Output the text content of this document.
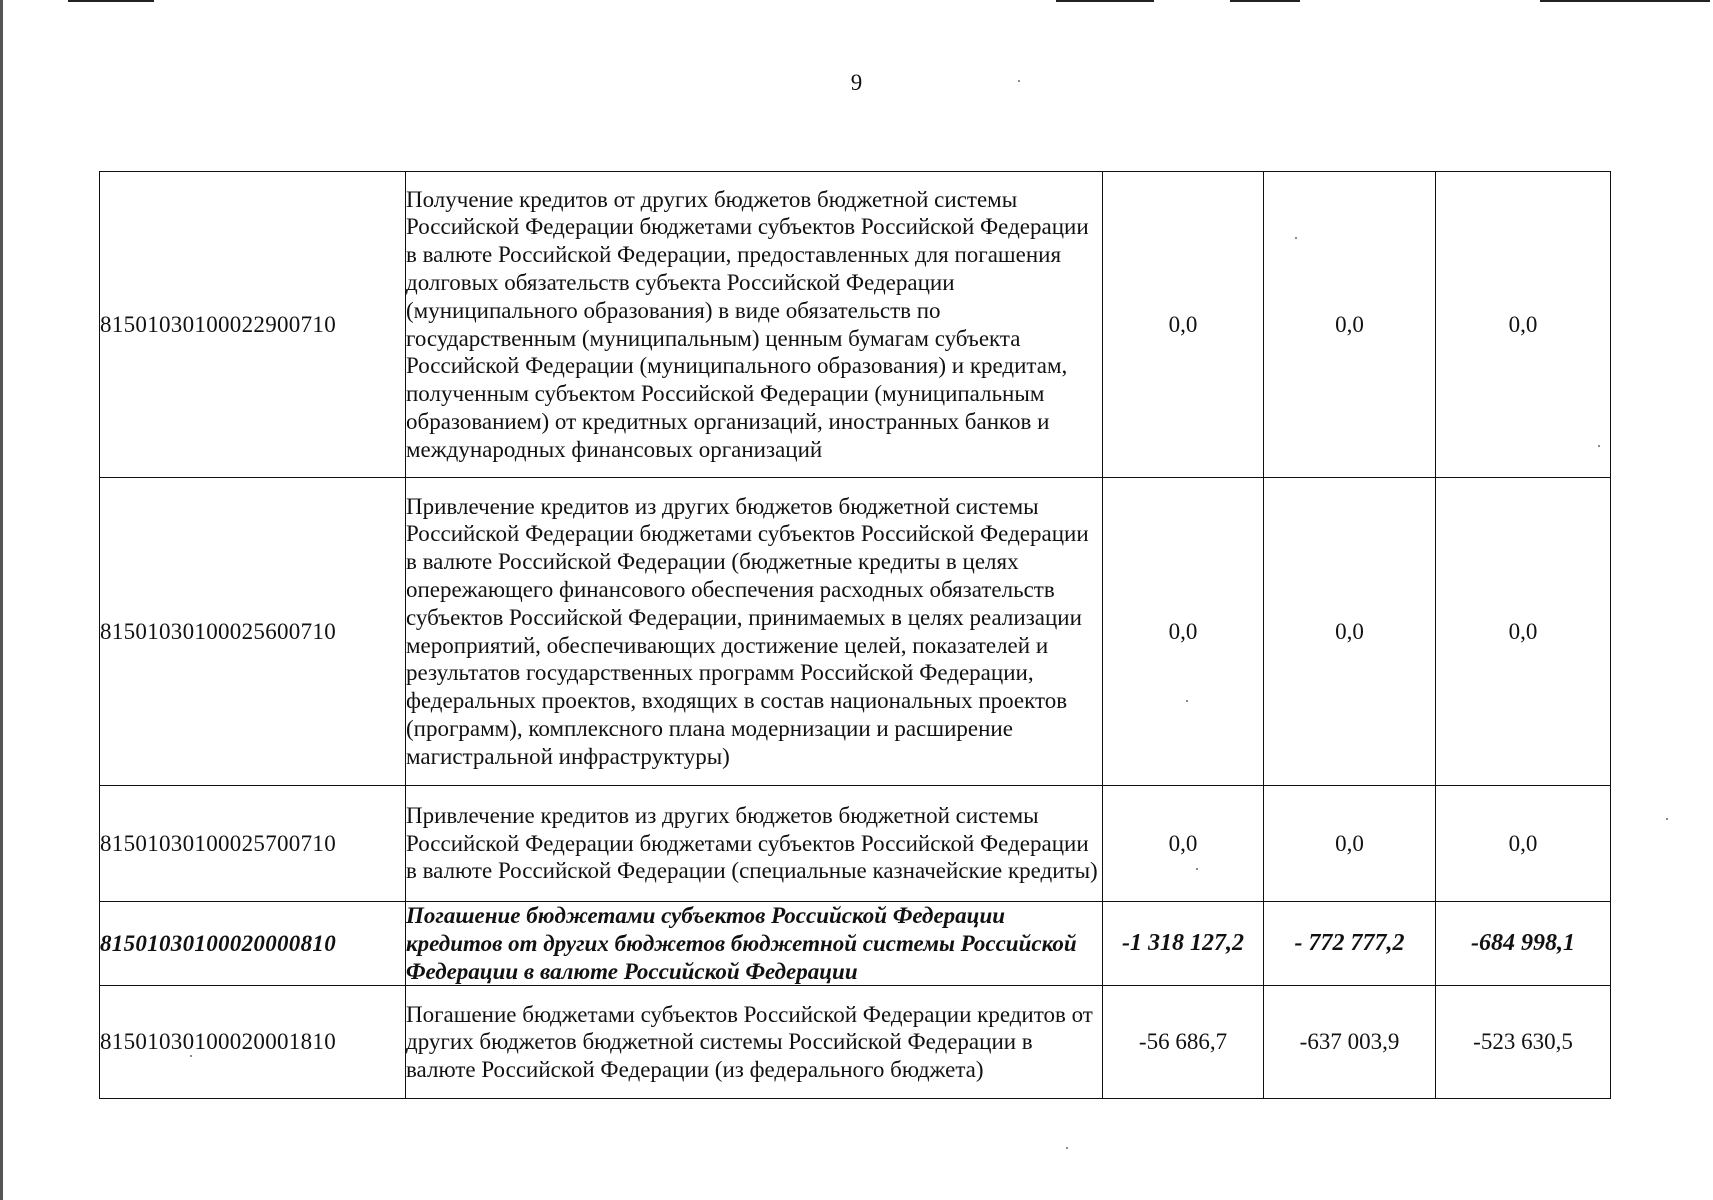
9
81501030100022900710	Получение кредитов от других бюджетов бюджетной системы Российской Федерации бюджетами субъектов Российской Федерации в валюте Российской Федерации, предоставленных для погашения долговых обязательств субъекта Российской Федерации (муниципального образования) в виде обязательств по государственным (муниципальным) ценным бумагам субъекта Российской Федерации (муниципального образования) и кредитам, полученным субъектом Российской Федерации (муниципальным образованием) от кредитных организаций, иностранных банков и международных финансовых организаций	0,0	0,0	0,0
81501030100025600710	Привлечение кредитов из других бюджетов бюджетной системы Российской Федерации бюджетами субъектов Российской Федерации в валюте Российской Федерации (бюджетные кредиты в целях опережающего финансового обеспечения расходных обязательств субъектов Российской Федерации, принимаемых в целях реализации мероприятий, обеспечивающих достижение целей, показателей и результатов государственных программ Российской Федерации, федеральных проектов, входящих в состав национальных проектов (программ), комплексного плана модернизации и расширение магистральной инфраструктуры)	0,0	0,0	0,0
81501030100025700710	Привлечение кредитов из других бюджетов бюджетной системы Российской Федерации бюджетами субъектов Российской Федерации в валюте Российской Федерации (специальные казначейские кредиты)	0,0	0,0	0,0
81501030100020000810	Погашение бюджетами субъектов Российской Федерации кредитов от других бюджетов бюджетной системы Российской Федерации в валюте Российской Федерации	-1 318 127,2	- 772 777,2	-684 998,1
81501030100020001810	Погашение бюджетами субъектов Российской Федерации кредитов от других бюджетов бюджетной системы Российской Федерации в валюте Российской Федерации (из федерального бюджета)	-56 686,7	-637 003,9	-523 630,5
